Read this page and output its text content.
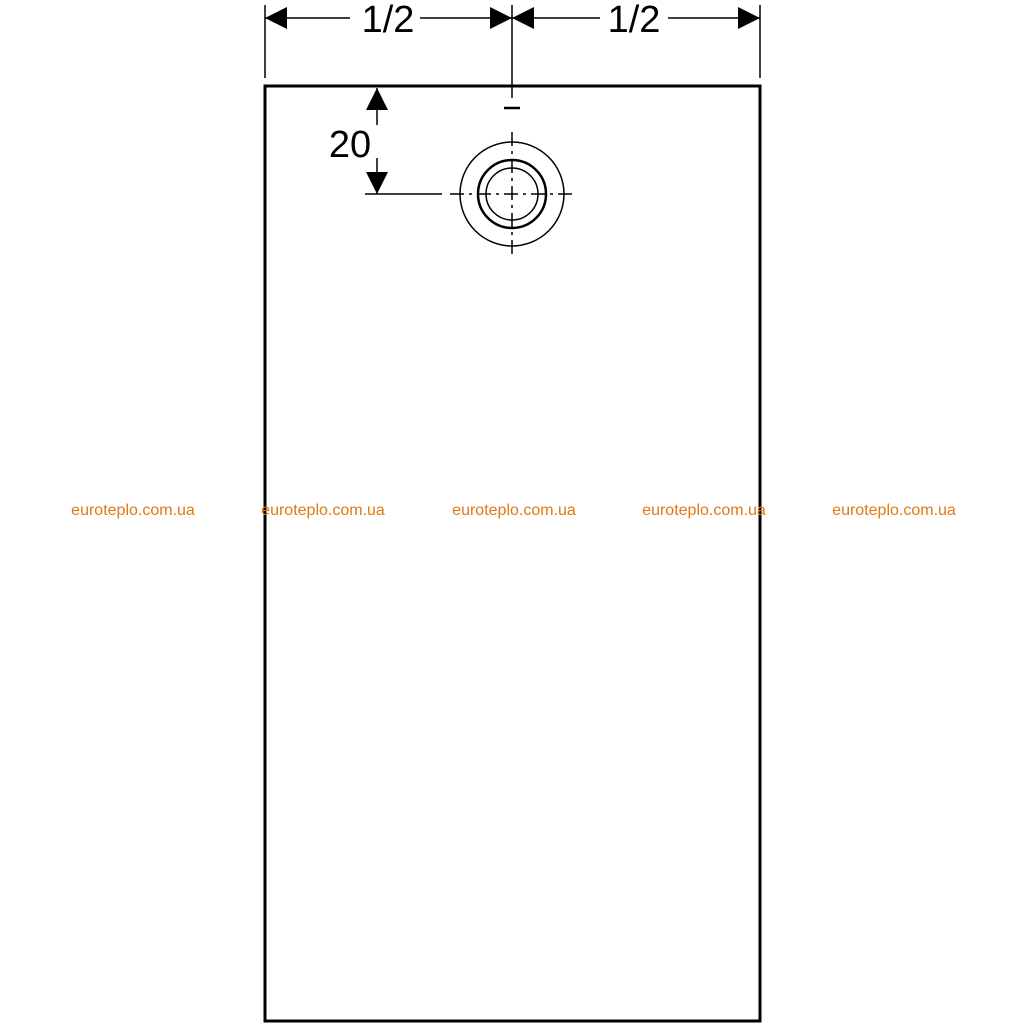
1/2	1/2
20
euroteplo.com.ua	euroteplo.com.ua	euroteplo.com.ua	euroteplo.com.ua	euroteplo.com.ua
